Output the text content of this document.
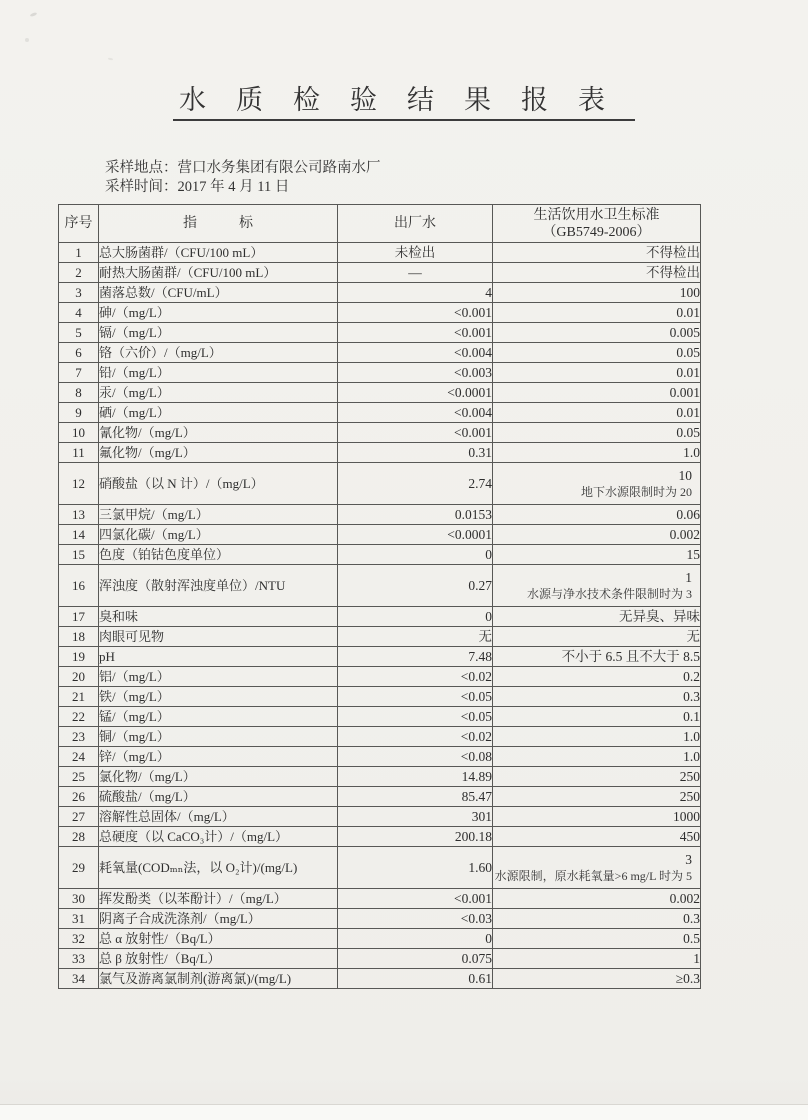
水质检验结果报表
采样地点：营口水务集团有限公司路南水厂
采样时间：2017 年 4 月 11 日
序号	指　　　标	出厂水	生活饮用水卫生标准
（GB5749-2006）

1	总大肠菌群/（CFU/100 mL）	未检出	不得检出
2	耐热大肠菌群/（CFU/100 mL）	—	不得检出
3	菌落总数/（CFU/mL）	4	100
4	砷/（mg/L）	<0.001	0.01
5	镉/（mg/L）	<0.001	0.005
6	铬（六价）/（mg/L）	<0.004	0.05
7	铅/（mg/L）	<0.003	0.01
8	汞/（mg/L）	<0.0001	0.001
9	硒/（mg/L）	<0.004	0.01
10	氰化物/（mg/L）	<0.001	0.05
11	氟化物/（mg/L）	0.31	1.0
12	硝酸盐（以 N 计）/（mg/L）	2.74	10
地下水源限制时为 20

13	三氯甲烷/（mg/L）	0.0153	0.06
14	四氯化碳/（mg/L）	<0.0001	0.002
15	色度（铂钴色度单位）	0	15
16	浑浊度（散射浑浊度单位）/NTU	0.27	1
水源与净水技术条件限制时为 3

17	臭和味	0	无异臭、异味
18	肉眼可见物	无	无
19	pH	7.48	不小于 6.5 且不大于 8.5
20	铝/（mg/L）	<0.02	0.2
21	铁/（mg/L）	<0.05	0.3
22	锰/（mg/L）	<0.05	0.1
23	铜/（mg/L）	<0.02	1.0
24	锌/（mg/L）	<0.08	1.0
25	氯化物/（mg/L）	14.89	250
26	硫酸盐/（mg/L）	85.47	250
27	溶解性总固体/（mg/L）	301	1000
28	总硬度（以 CaCO₃计）/（mg/L）	200.18	450
29	耗氧量(CODₘₙ法，以 O₂计)/(mg/L)	1.60	3
水源限制，原水耗氧量>6 mg/L 时为 5

30	挥发酚类（以苯酚计）/（mg/L）	<0.001	0.002
31	阴离子合成洗涤剂/（mg/L）	<0.03	0.3
32	总 α 放射性/（Bq/L）	0	0.5
33	总 β 放射性/（Bq/L）	0.075	1
34	氯气及游离氯制剂(游离氯)/(mg/L)	0.61	≥0.3
